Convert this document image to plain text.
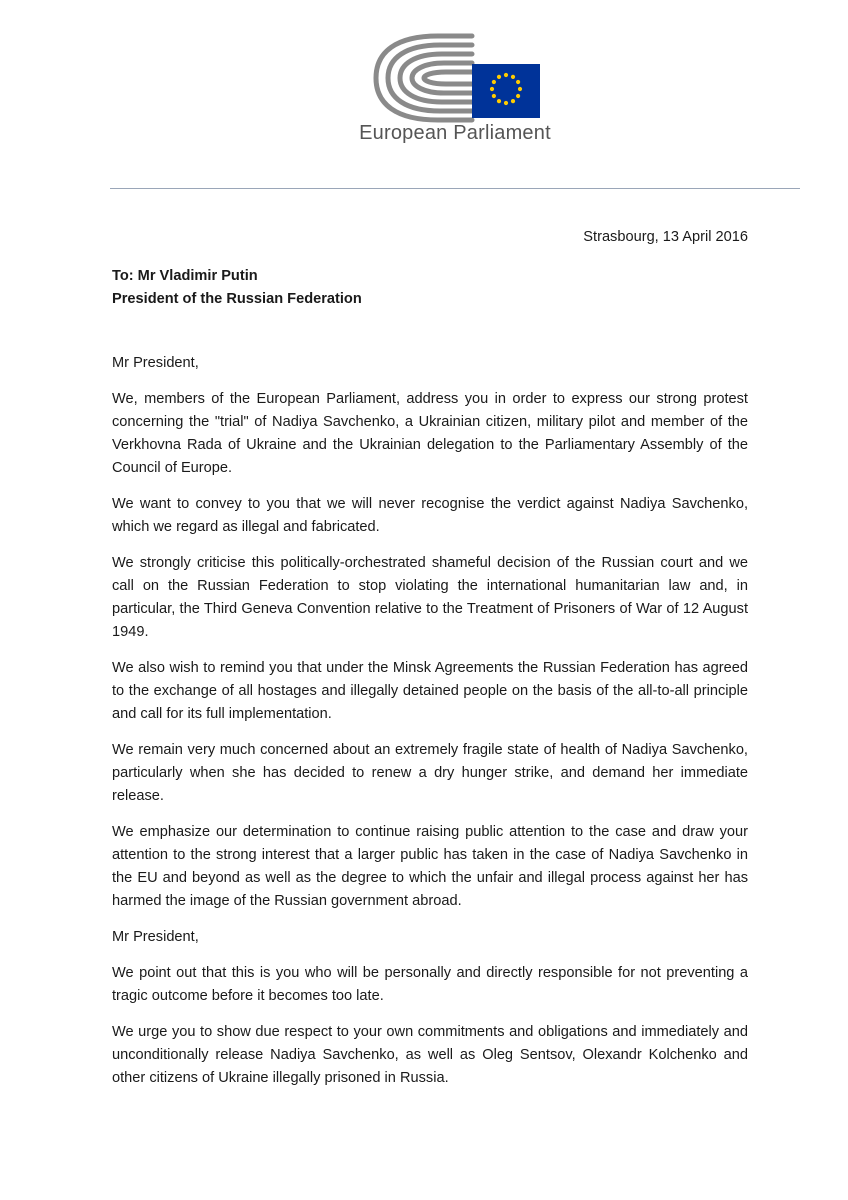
European Parliament
Strasbourg, 13 April 2016
To: Mr Vladimir Putin
President of the Russian Federation

Mr President,

We, members of the European Parliament, address you in order to express our strong protest concerning the "trial" of Nadiya Savchenko, a Ukrainian citizen, military pilot and member of the Verkhovna Rada of Ukraine and the Ukrainian delegation to the Parliamentary Assembly of the Council of Europe.

We want to convey to you that we will never recognise the verdict against Nadiya Savchenko, which we regard as illegal and fabricated.

We strongly criticise this politically-orchestrated shameful decision of the Russian court and we call on the Russian Federation to stop violating the international humanitarian law and, in particular, the Third Geneva Convention relative to the Treatment of Prisoners of War of 12 August 1949.

We also wish to remind you that under the Minsk Agreements the Russian Federation has agreed to the exchange of all hostages and illegally detained people on the basis of the all-to-all principle and call for its full implementation.

We remain very much concerned about an extremely fragile state of health of Nadiya Savchenko, particularly when she has decided to renew a dry hunger strike, and demand her immediate release.

We emphasize our determination to continue raising public attention to the case and draw your attention to the strong interest that a larger public has taken in the case of Nadiya Savchenko in the EU and beyond as well as the degree to which the unfair and illegal process against her has harmed the image of the Russian government abroad.

Mr President,

We point out that this is you who will be personally and directly responsible for not preventing a tragic outcome before it becomes too late.

We urge you to show due respect to your own commitments and obligations and immediately and unconditionally release Nadiya Savchenko, as well as Oleg Sentsov, Olexandr Kolchenko and other citizens of Ukraine illegally prisoned in Russia.
